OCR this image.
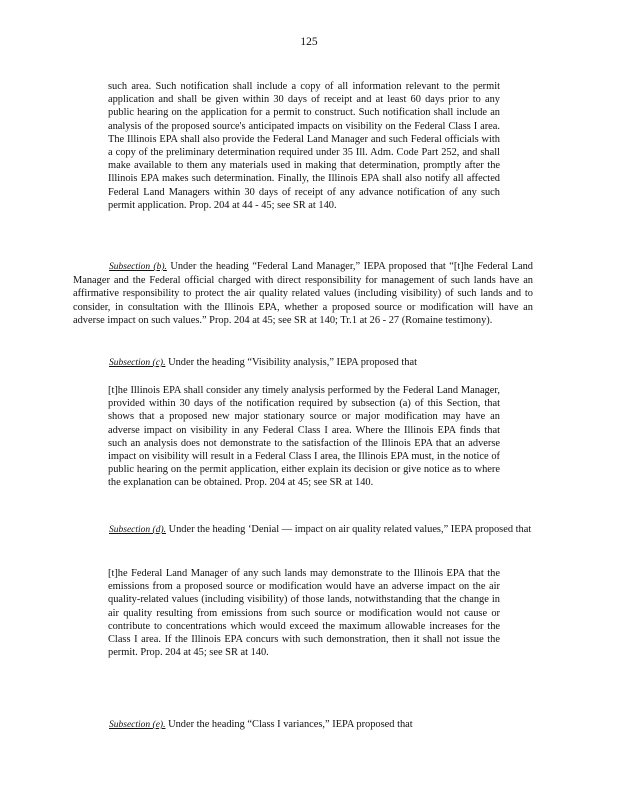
125

such area. Such notification shall include a copy of all information relevant to the permit application and shall be given within 30 days of receipt and at least 60 days prior to any public hearing on the application for a permit to construct. Such notification shall include an analysis of the proposed source's anticipated impacts on visibility on the Federal Class I area. The Illinois EPA shall also provide the Federal Land Manager and such Federal officials with a copy of the preliminary determination required under 35 Ill. Adm. Code Part 252, and shall make available to them any materials used in making that determination, promptly after the Illinois EPA makes such determination. Finally, the Illinois EPA shall also notify all affected Federal Land Managers within 30 days of receipt of any advance notification of any such permit application. Prop. 204 at 44 - 45; see SR at 140.

Subsection (b). Under the heading “Federal Land Manager,” IEPA proposed that “[t]he Federal Land Manager and the Federal official charged with direct responsibility for management of such lands have an affirmative responsibility to protect the air quality related values (including visibility) of such lands and to consider, in consultation with the Illinois EPA, whether a proposed source or modification will have an adverse impact on such values.” Prop. 204 at 45; see SR at 140; Tr.1 at 26 - 27 (Romaine testimony).

Subsection (c). Under the heading “Visibility analysis,” IEPA proposed that

[t]he Illinois EPA shall consider any timely analysis performed by the Federal Land Manager, provided within 30 days of the notification required by subsection (a) of this Section, that shows that a proposed new major stationary source or major modification may have an adverse impact on visibility in any Federal Class I area. Where the Illinois EPA finds that such an analysis does not demonstrate to the satisfaction of the Illinois EPA that an adverse impact on visibility will result in a Federal Class I area, the Illinois EPA must, in the notice of public hearing on the permit application, either explain its decision or give notice as to where the explanation can be obtained. Prop. 204 at 45; see SR at 140.

Subsection (d). Under the heading ‘Denial — impact on air quality related values,” IEPA proposed that

[t]he Federal Land Manager of any such lands may demonstrate to the Illinois EPA that the emissions from a proposed source or modification would have an adverse impact on the air quality-related values (including visibility) of those lands, notwithstanding that the change in air quality resulting from emissions from such source or modification would not cause or contribute to concentrations which would exceed the maximum allowable increases for the Class I area. If the Illinois EPA concurs with such demonstration, then it shall not issue the permit. Prop. 204 at 45; see SR at 140.

Subsection (e). Under the heading “Class I variances,” IEPA proposed that
